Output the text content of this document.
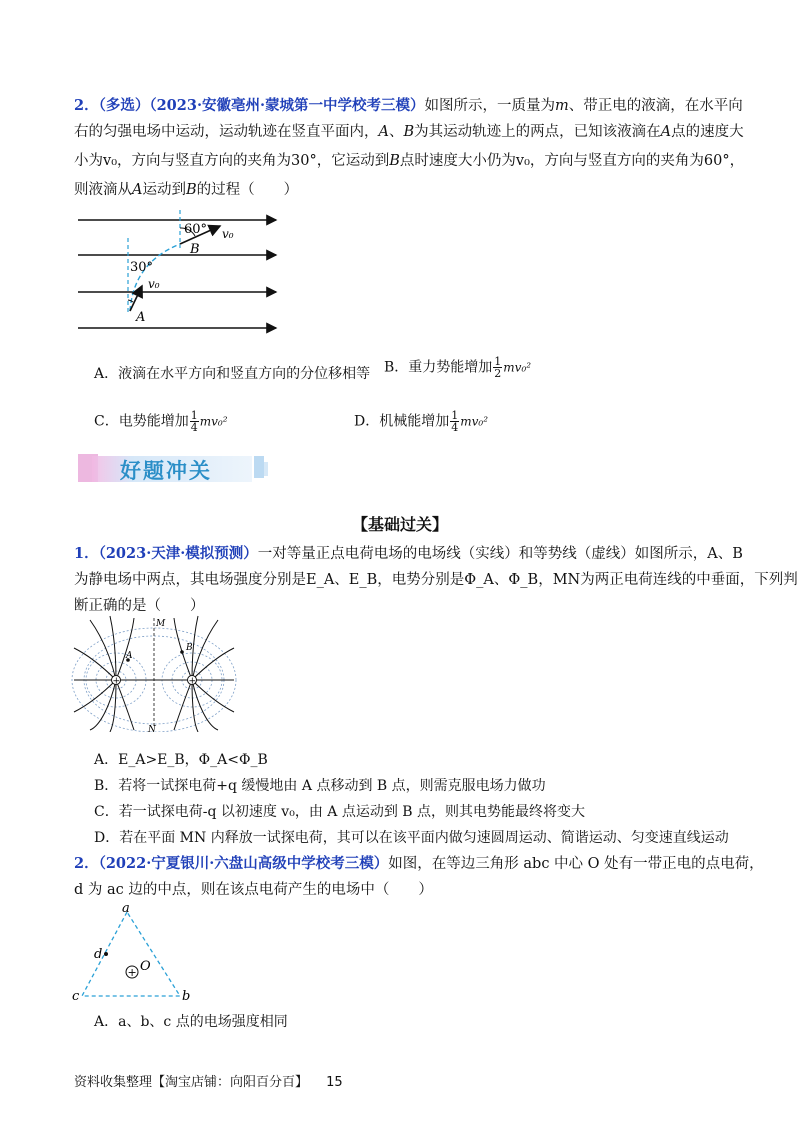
2．（多选）（2023·安徽亳州·蒙城第一中学校考三模）如图所示，一质量为m、带正电的液滴，在水平向
右的匀强电场中运动，运动轨迹在竖直平面内，A、B为其运动轨迹上的两点，已知该液滴在A点的速度大
小为v₀，方向与竖直方向的夹角为30°，它运动到B点时速度大小仍为v₀，方向与竖直方向的夹角为60°，
则液滴从A运动到B的过程（　　）
60° v₀
B
30°
v₀
A
A．液滴在水平方向和竖直方向的分位移相等 B．重力势能增加 $\frac{1}{2} mv_0^2$
C．电势能增加 $\frac{1}{4} mv_0^2$	D．机械能增加 $\frac{1}{4} mv_0^2$
好题冲关
【基础过关】
1．（2023·天津·模拟预测）一对等量正点电荷电场的电场线（实线）和等势线（虚线）如图所示，A、B
为静电场中两点，其电场强度分别是E_A、E_B，电势分别是Φ_A、Φ_B，MN为两正电荷连线的中垂面，下列判
断正确的是（　　）
+	+
M
N
A
B
A．E_A>E_B，Φ_A<Φ_B
B．若将一试探电荷+q 缓慢地由 A 点移动到 B 点，则需克服电场力做功
C．若一试探电荷-q 以初速度 v₀，由 A 点运动到 B 点，则其电势能最终将变大
D．若在平面 MN 内释放一试探电荷，其可以在该平面内做匀速圆周运动、简谐运动、匀变速直线运动
2．（2022·宁夏银川·六盘山高级中学校考三模）如图，在等边三角形 abc 中心 O 处有一带正电的点电荷，
d 为 ac 边的中点，则在该点电荷产生的电场中（　　）
+
a
d
O
c	b
A．a、b、c 点的电场强度相同
资料收集整理【淘宝店铺：向阳百分百】 15
